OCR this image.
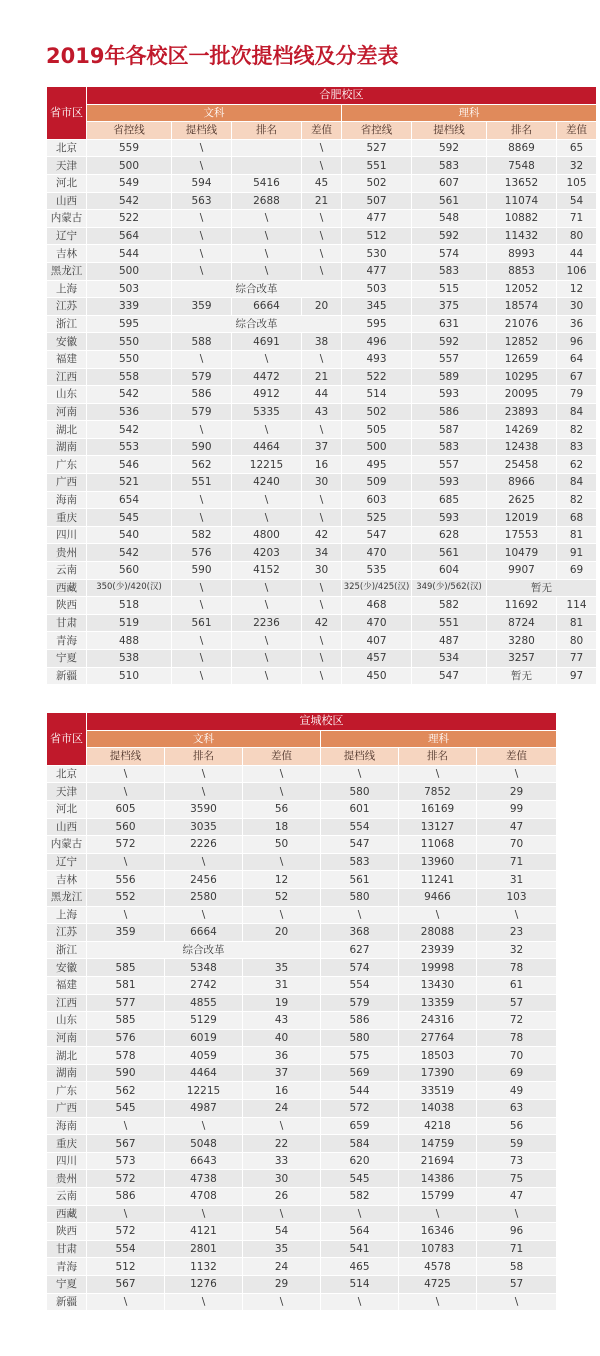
2019年各校区一批次提档线及分差表
省市区	合肥校区							
	文科				理科			
	省控线	提档线	排名	差值	省控线	提档线	排名	差值
北京	559	\		\	527	592	8869	65
天津	500	\		\	551	583	7548	32
河北	549	594	5416	45	502	607	13652	105
山西	542	563	2688	21	507	561	11074	54
内蒙古	522	\	\	\	477	548	10882	71
辽宁	564	\	\	\	512	592	11432	80
吉林	544	\	\	\	530	574	8993	44
黑龙江	500	\	\	\	477	583	8853	106
上海	503	综合改革			503	515	12052	12
江苏	339	359	6664	20	345	375	18574	30
浙江	595	综合改革			595	631	21076	36
安徽	550	588	4691	38	496	592	12852	96
福建	550	\	\	\	493	557	12659	64
江西	558	579	4472	21	522	589	10295	67
山东	542	586	4912	44	514	593	20095	79
河南	536	579	5335	43	502	586	23893	84
湖北	542	\	\	\	505	587	14269	82
湖南	553	590	4464	37	500	583	12438	83
广东	546	562	12215	16	495	557	25458	62
广西	521	551	4240	30	509	593	8966	84
海南	654	\	\	\	603	685	2625	82
重庆	545	\	\	\	525	593	12019	68
四川	540	582	4800	42	547	628	17553	81
贵州	542	576	4203	34	470	561	10479	91
云南	560	590	4152	30	535	604	9907	69
西藏	350(少)/420(汉)	\	\	\	325(少)/425(汉)	349(少)/562(汉)	暂无	
陕西	518	\	\	\	468	582	11692	114
甘肃	519	561	2236	42	470	551	8724	81
青海	488	\	\	\	407	487	3280	80
宁夏	538	\	\	\	457	534	3257	77
新疆	510	\	\	\	450	547	暂无	97
省市区	宣城校区					
	文科			理科		
	提档线	排名	差值	提档线	排名	差值
北京	\	\	\	\	\	\
天津	\	\	\	580	7852	29
河北	605	3590	56	601	16169	99
山西	560	3035	18	554	13127	47
内蒙古	572	2226	50	547	11068	70
辽宁	\	\	\	583	13960	71
吉林	556	2456	12	561	11241	31
黑龙江	552	2580	52	580	9466	103
上海	\	\	\	\	\	\
江苏	359	6664	20	368	28088	23
浙江	综合改革			627	23939	32
安徽	585	5348	35	574	19998	78
福建	581	2742	31	554	13430	61
江西	577	4855	19	579	13359	57
山东	585	5129	43	586	24316	72
河南	576	6019	40	580	27764	78
湖北	578	4059	36	575	18503	70
湖南	590	4464	37	569	17390	69
广东	562	12215	16	544	33519	49
广西	545	4987	24	572	14038	63
海南	\	\	\	659	4218	56
重庆	567	5048	22	584	14759	59
四川	573	6643	33	620	21694	73
贵州	572	4738	30	545	14386	75
云南	586	4708	26	582	15799	47
西藏	\	\	\	\	\	\
陕西	572	4121	54	564	16346	96
甘肃	554	2801	35	541	10783	71
青海	512	1132	24	465	4578	58
宁夏	567	1276	29	514	4725	57
新疆	\	\	\	\	\	\
